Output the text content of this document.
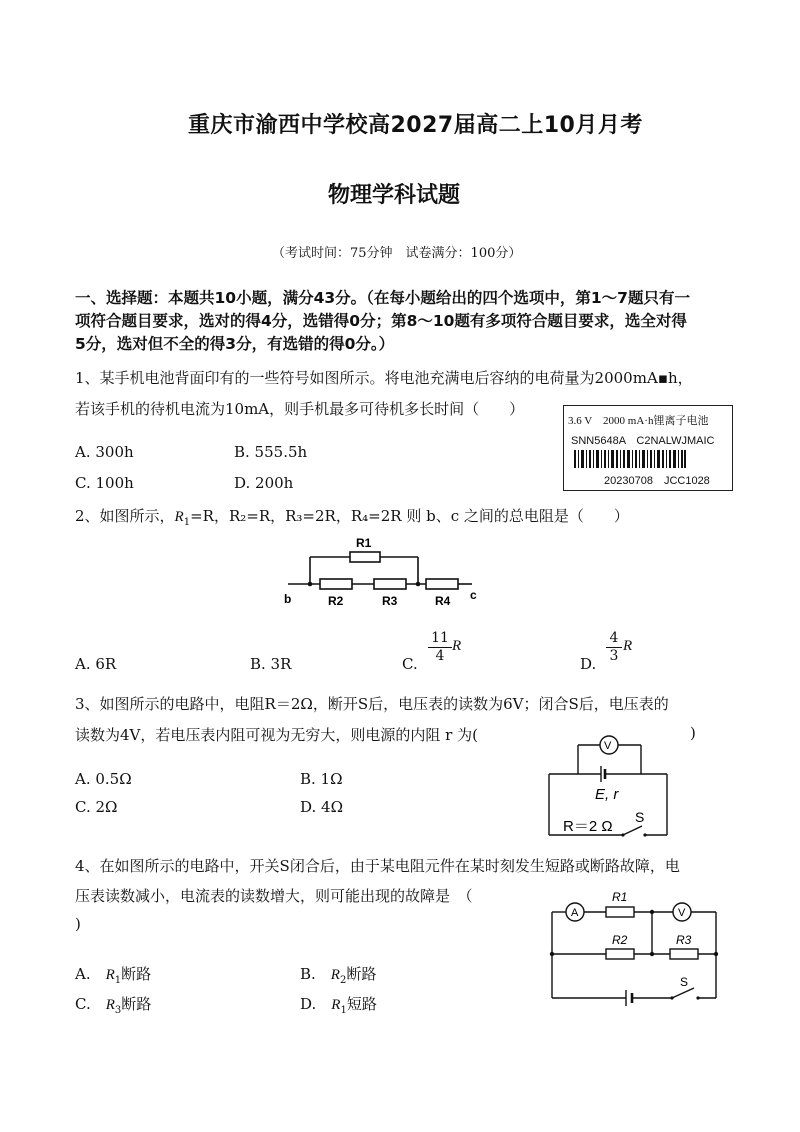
重庆市渝西中学校高2027届高二上10月月考
物理学科试题
（考试时间：75分钟　试卷满分：100分）
一、选择题：本题共10小题，满分43分。（在每小题给出的四个选项中，第1～7题只有一
项符合题目要求，选对的得4分，选错得0分；第8～10题有多项符合题目要求，选全对得
5分，选对但不全的得3分，有选错的得0分。）
1、某手机电池背面印有的一些符号如图所示。将电池充满电后容纳的电荷量为2000mA▪h，
若该手机的待机电流为10mA，则手机最多可待机多长时间（　　）
A. 300h	B. 555.5h
C. 100h	D. 200h
3.6 V　2000 mA·h锂离子电池
SNN5648A　C2NALWJMAIC
20230708　JCC1028
2、如图所示，$R_1=R$，R₂=R，R₃=2R，R₄=2R 则 b、c 之间的总电阻是（　　）
R1
b	R2	R3	R4 c
A. 6R	B. 3R	C. $\frac{11}{4}$ R
D. $\frac{4}{3}$ R
3、如图所示的电路中，电阻R＝2Ω，断开S后，电压表的读数为6V；闭合S后，电压表的
读数为4V，若电压表内阻可视为无穷大，则电源的内阻 r 为(	)
A. 0.5Ω	B. 1Ω
C. 2Ω	D. 4Ω
V
E, r
R＝2 Ω
S
4、在如图所示的电路中，开关S闭合后，由于某电阻元件在某时刻发生短路或断路故障，电
压表读数减小，电流表的读数增大，则可能出现的故障是　（
)
A.　$R_1$断路	B.　$R_2$断路
C.　$R_3$断路	D.　$R_1$短路
A	V
R1
R2	R3
S
